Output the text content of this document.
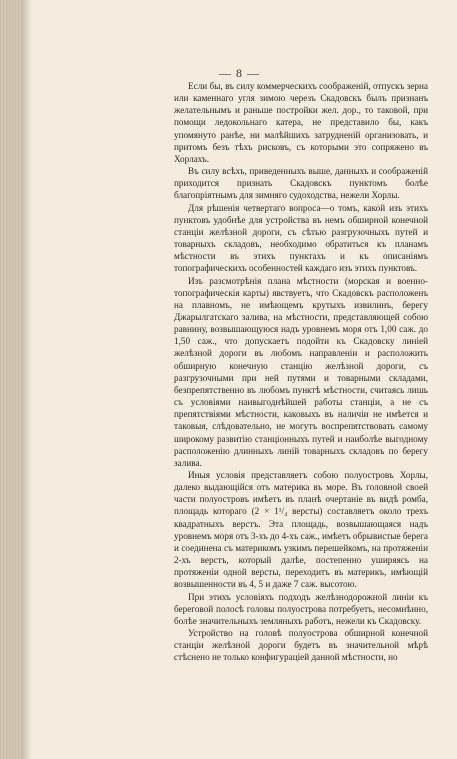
— 8 —

Если бы, въ силу коммерческихъ соображеній, отпускъ зерна или каменнаго угля зимою черезъ Скадовскъ былъ признанъ желательнымъ и раньше постройки жел. дор., то таковой, при помощи ледокольнаго катера, не представило бы, какъ упомянуто ранѣе, ни малѣйшихъ затрудненій организовать, и притомъ безъ тѣхъ рисковъ, съ которыми это сопряжено въ Хорлахъ.

Въ силу всѣхъ, приведенныхъ выше, данныхъ и соображеній приходится признать Скадовскъ пунктомъ болѣе благопріятнымъ для зимняго судоходства, нежели Хорлы.

Для рѣшенія четвертаго вопроса—о томъ, какой изъ этихъ пунктовъ удобнѣе для устройства въ немъ обширной конечной станціи желѣзной дороги, съ сѣтью разгрузочныхъ путей и товарныхъ складовъ, необходимо обратиться къ планамъ мѣстности въ этихъ пунктахъ и къ описаніямъ топографическихъ особенностей каждаго изъ этихъ пунктовъ.

Изъ разсмотрѣнія плана мѣстности (морская и военно-топографическія карты) явствуетъ, что Скадовскъ расположенъ на плавномъ, не имѣющемъ крутыхъ извилинъ, берегу Джарылгатскаго залива, на мѣстности, представляющей собою равнину, возвышающуюся надъ уровнемъ моря отъ 1,00 саж. до 1,50 саж., что допускаетъ подойти къ Скадовску линіей желѣзной дороги въ любомъ направленіи и расположить обширную конечную станцію желѣзной дороги, съ разгрузочными при ней путями и товарными складами, безпрепятственно въ любомъ пунктѣ мѣстности, считаясь лишь съ условіями наивыгоднѣйшей работы станціи, а не съ препятствіями мѣстности, каковыхъ въ наличіи не имѣется и таковыя, слѣдовательно, не могутъ воспрепятствовать самому широкому развитію станціонныхъ путей и наиболѣе выгодному расположенію длинныхъ линій товарныхъ складовъ по берегу залива.

Иныя условія представляетъ собою полуостровъ Хорлы, далеко выдающійся отъ материка въ море. Въ головной своей части полуостровъ имѣетъ въ планѣ очертаніе въ видѣ ромба, площадь котораго (2 × 1¹/₄ версты) составляетъ около трехъ квадратныхъ верстъ. Эта площадь, возвышающаяся надъ уровнемъ моря отъ 3-хъ до 4-хъ саж., имѣетъ обрывистые берега и соединена съ материкомъ узкимъ перешейкомъ, на протяженіи 2-хъ верстъ, который далѣе, постепенно уширяясь на протяженіи одной версты, переходитъ въ материкъ, имѣющій возвышенности въ 4, 5 и даже 7 саж. высотою.

При этихъ условіяхъ подходъ желѣзнодорожной линіи къ береговой полосѣ головы полуострова потребуетъ, несомнѣнно, болѣе значительныхъ земляныхъ работъ, нежели къ Скадовску.

Устройство на головѣ полуострова обширной конечной станціи желѣзной дороги будетъ въ значительной мѣрѣ стѣснено не только конфигураціей данной мѣстности, но
